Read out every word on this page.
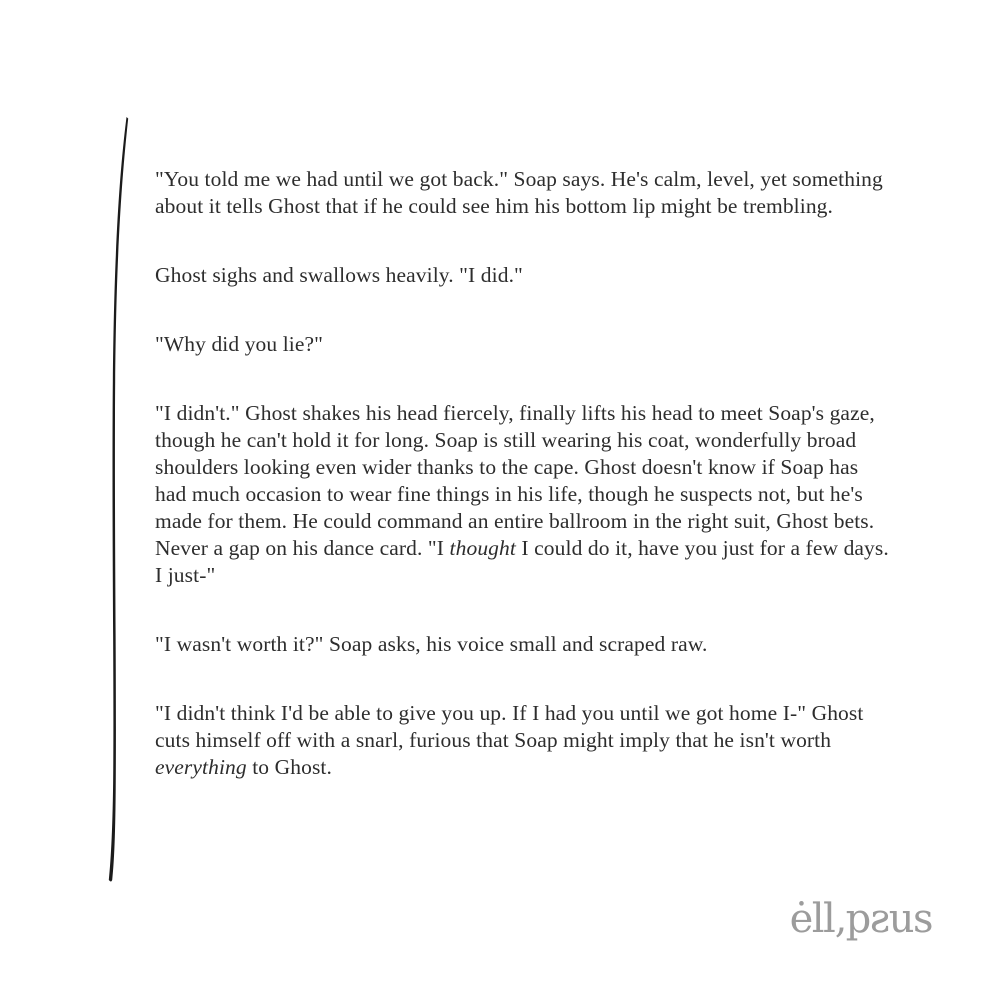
"You told me we had until we got back." Soap says. He's calm, level, yet something about it tells Ghost that if he could see him his bottom lip might be trembling.

Ghost sighs and swallows heavily. "I did."

"Why did you lie?"

"I didn't." Ghost shakes his head fiercely, finally lifts his head to meet Soap's gaze, though he can't hold it for long. Soap is still wearing his coat, wonderfully broad shoulders looking even wider thanks to the cape. Ghost doesn't know if Soap has had much occasion to wear fine things in his life, though he suspects not, but he's made for them. He could command an entire ballroom in the right suit, Ghost bets. Never a gap on his dance card. "I thought I could do it, have you just for a few days. I just-"

"I wasn't worth it?" Soap asks, his voice small and scraped raw.

"I didn't think I'd be able to give you up. If I had you until we got home I-" Ghost cuts himself off with a snarl, furious that Soap might imply that he isn't worth everything to Ghost.

ėll‚pƨus
